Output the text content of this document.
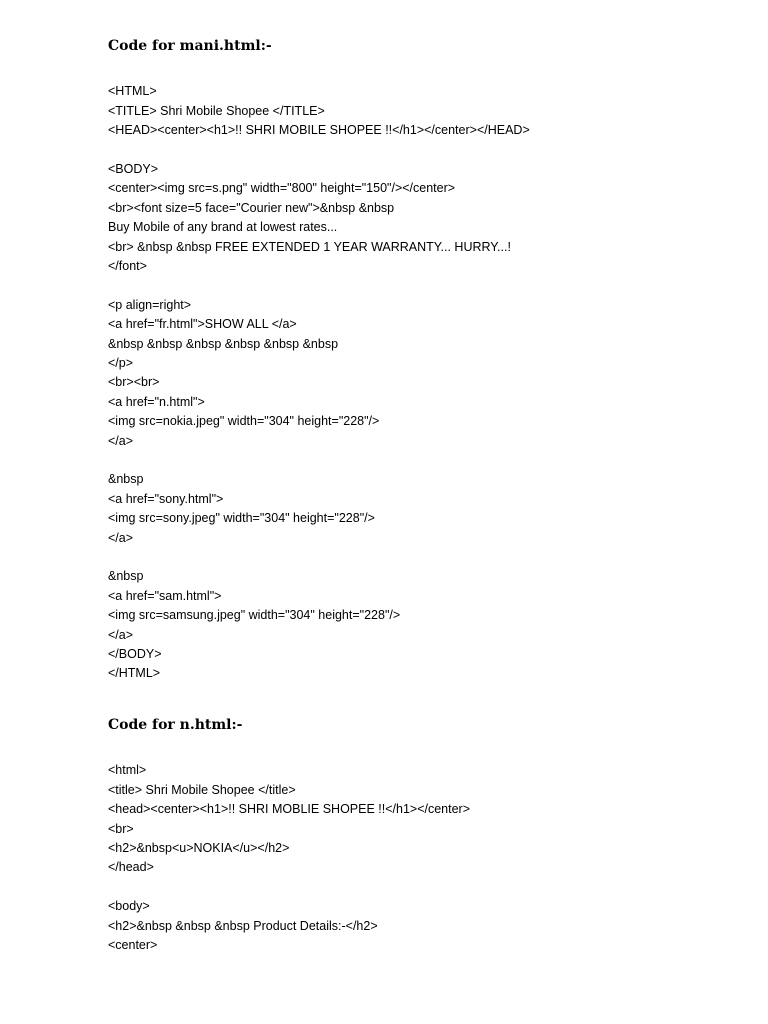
Code for mani.html:-
<HTML>
<TITLE> Shri Mobile Shopee </TITLE>
<HEAD><center><h1>!! SHRI MOBILE SHOPEE !!</h1></center></HEAD>
<BODY>
<center><img src=s.png" width="800" height="150"/></center>
<br><font size=5 face="Courier new">&nbsp &nbsp
Buy Mobile of any brand at lowest rates...
<br> &nbsp &nbsp FREE EXTENDED 1 YEAR WARRANTY... HURRY...!
</font>
<p align=right>
<a href="fr.html">SHOW ALL </a>
&nbsp &nbsp &nbsp &nbsp &nbsp &nbsp
</p>
<br><br>
<a href="n.html">
<img src=nokia.jpeg" width="304" height="228"/>
</a>
&nbsp
<a href="sony.html">
<img src=sony.jpeg" width="304" height="228"/>
</a>
&nbsp
<a href="sam.html">
<img src=samsung.jpeg" width="304" height="228"/>
</a>
</BODY>
</HTML>
Code for n.html:-
<html>
<title> Shri Mobile Shopee </title>
<head><center><h1>!! SHRI MOBLIE SHOPEE !!</h1></center>
<br>
<h2>&nbsp<u>NOKIA</u></h2>
</head>
<body>
<h2>&nbsp &nbsp &nbsp Product Details:-</h2>
<center>
